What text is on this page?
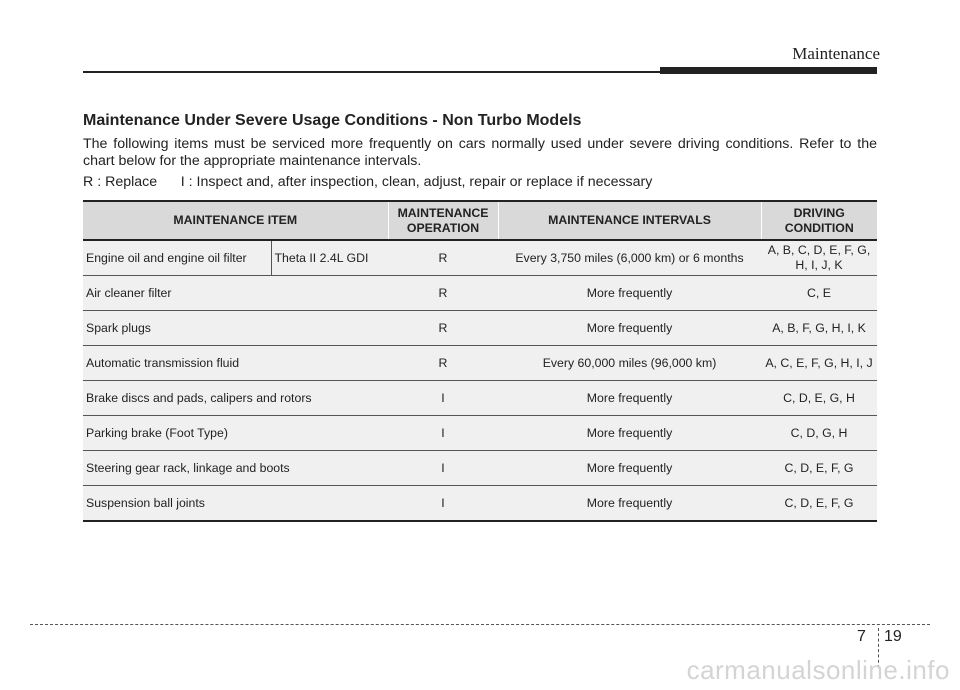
Maintenance
Maintenance Under Severe Usage Conditions - Non Turbo Models
The following items must be serviced more frequently on cars normally used under severe driving conditions. Refer to the chart below for the appropriate maintenance intervals.
R : Replace      I : Inspect and, after inspection, clean, adjust, repair or replace if necessary
MAINTENANCE ITEM		MAINTENANCE OPERATION	MAINTENANCE INTERVALS	DRIVING CONDITION
Engine oil and engine oil filter	Theta II 2.4L GDI	R	Every 3,750 miles (6,000 km) or 6 months	A, B, C, D, E, F, G, H, I, J, K
Air cleaner filter		R	More frequently	C, E
Spark plugs		R	More frequently	A, B, F, G, H, I, K
Automatic transmission fluid		R	Every 60,000 miles (96,000 km)	A, C, E, F, G, H, I, J
Brake discs and pads, calipers and rotors		I	More frequently	C, D, E, G, H
Parking brake (Foot Type)		I	More frequently	C, D, G, H
Steering gear rack, linkage and boots		I	More frequently	C, D, E, F, G
Suspension ball joints		I	More frequently	C, D, E, F, G
7 19
carmanualsonline.info
